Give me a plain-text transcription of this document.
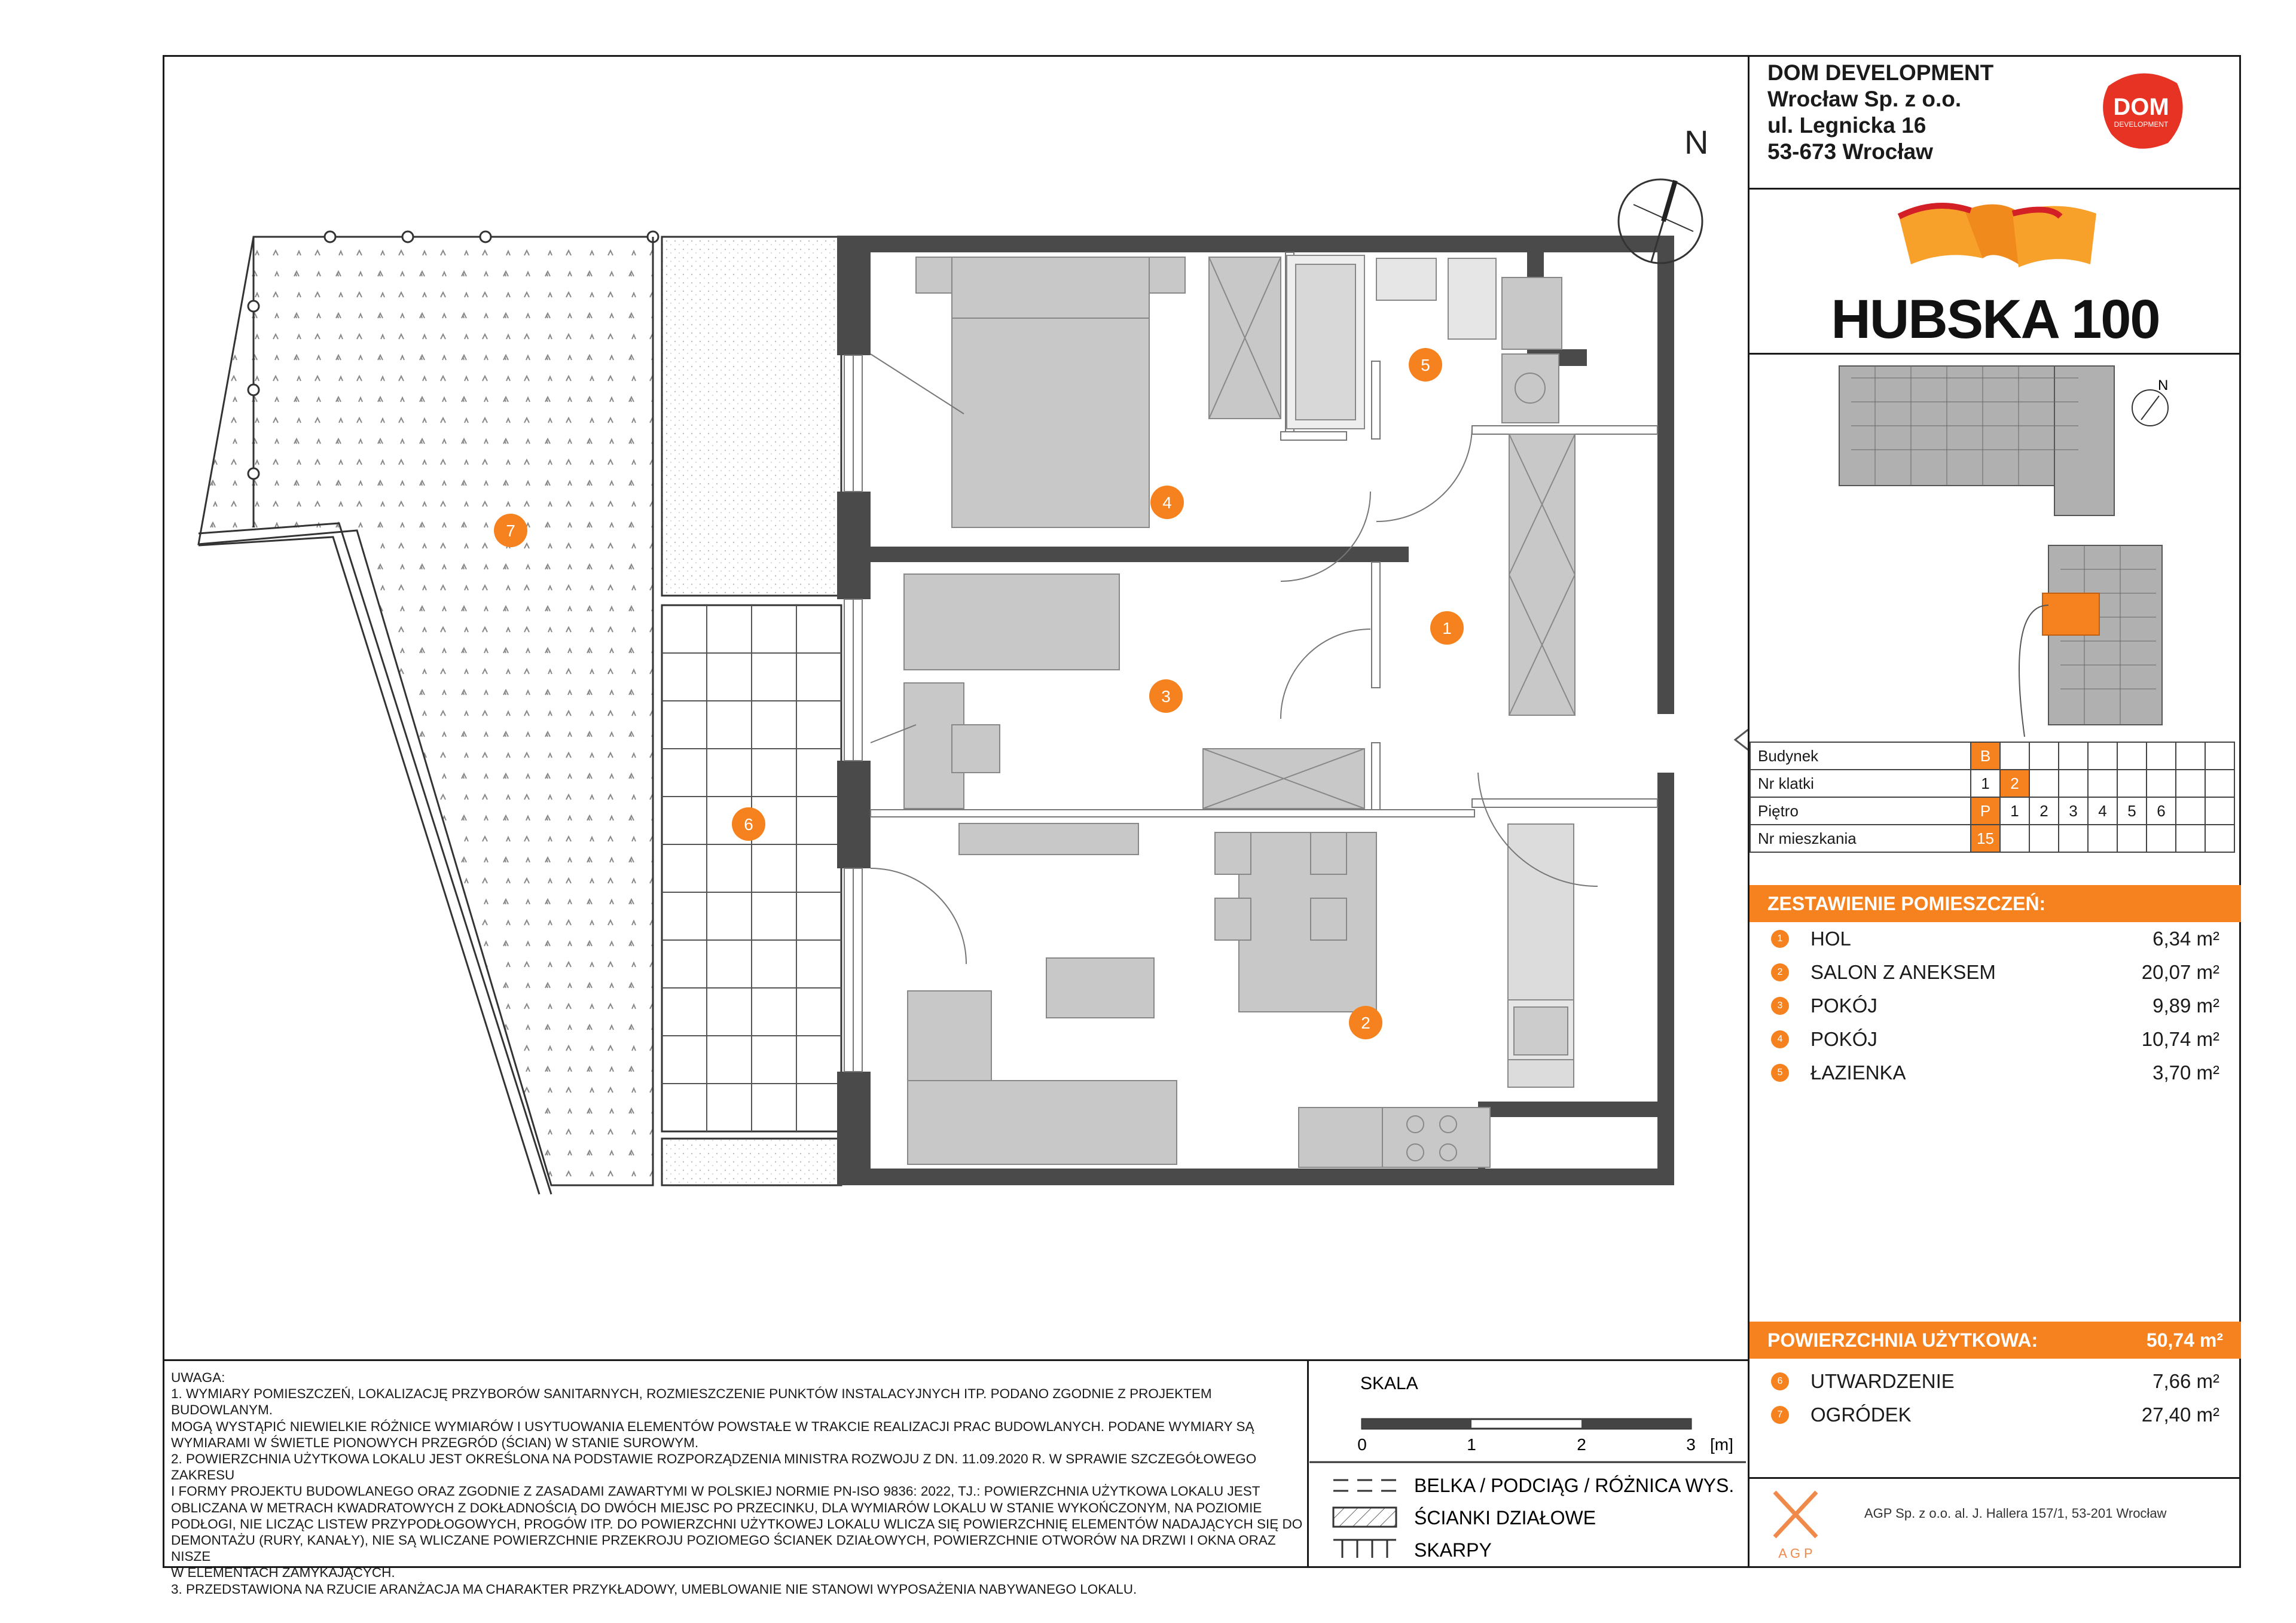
N
1
2
3
4
5
6
7
DOM DEVELOPMENT
Wrocław Sp. z o.o.
ul. Legnicka 16
53-673 Wrocław
DOM
DEVELOPMENT
HUBSKA 100
N
Budynek	B								
Nr klatki	1	2							
Piętro	P	1	2	3	4	5	6		
Nr mieszkania	15								
ZESTAWIENIE POMIESZCZEŃ:
1	HOL	6,34 m²
2	SALON Z ANEKSEM	20,07 m²
3	POKÓJ	9,89 m²
4	POKÓJ	10,74 m²
5	ŁAZIENKA	3,70 m²
POWIERZCHNIA UŻYTKOWA:	50,74 m²
6	UTWARDZENIE	7,66 m²
7	OGRÓDEK	27,40 m²
UWAGA:
1. WYMIARY POMIESZCZEŃ, LOKALIZACJĘ PRZYBORÓW SANITARNYCH, ROZMIESZCZENIE PUNKTÓW INSTALACYJNYCH ITP. PODANO ZGODNIE Z PROJEKTEM BUDOWLANYM.
MOGĄ WYSTĄPIĆ NIEWIELKIE RÓŻNICE WYMIARÓW I USYTUOWANIA ELEMENTÓW POWSTAŁE W TRAKCIE REALIZACJI PRAC BUDOWLANYCH. PODANE WYMIARY SĄ
WYMIARAMI W ŚWIETLE PIONOWYCH PRZEGRÓD (ŚCIAN) W STANIE SUROWYM.
2. POWIERZCHNIA UŻYTKOWA LOKALU JEST OKREŚLONA NA PODSTAWIE ROZPORZĄDZENIA MINISTRA ROZWOJU Z DN. 11.09.2020 R. W SPRAWIE SZCZEGÓŁOWEGO ZAKRESU
I FORMY PROJEKTU BUDOWLANEGO ORAZ ZGODNIE Z ZASADAMI ZAWARTYMI W POLSKIEJ NORMIE PN-ISO 9836: 2022, TJ.: POWIERZCHNIA UŻYTKOWA LOKALU JEST
OBLICZANA W METRACH KWADRATOWYCH Z DOKŁADNOŚCIĄ DO DWÓCH MIEJSC PO PRZECINKU, DLA WYMIARÓW LOKALU W STANIE WYKOŃCZONYM, NA POZIOMIE
PODŁOGI, NIE LICZĄC LISTEW PRZYPODŁOGOWYCH, PROGÓW ITP. DO POWIERZCHNI UŻYTKOWEJ LOKALU WLICZA SIĘ POWIERZCHNIĘ ELEMENTÓW NADAJĄCYCH SIĘ DO
DEMONTAŻU (RURY, KANAŁY), NIE SĄ WLICZANE POWIERZCHNIE PRZEKROJU POZIOMEGO ŚCIANEK DZIAŁOWYCH, POWIERZCHNIE OTWORÓW NA DRZWI I OKNA ORAZ NISZE
W ELEMENTACH ZAMYKAJĄCYCH.
3. PRZEDSTAWIONA NA RZUCIE ARANŻACJA MA CHARAKTER PRZYKŁADOWY, UMEBLOWANIE NIE STANOWI WYPOSAŻENIA NABYWANEGO LOKALU.
SKALA
0	1	2	3 [m]
BELKA / PODCIĄG / RÓŻNICA WYS.
ŚCIANKI DZIAŁOWE
SKARPY	A G P
AGP Sp. z o.o. al. J. Hallera 157/1, 53-201 Wrocław
